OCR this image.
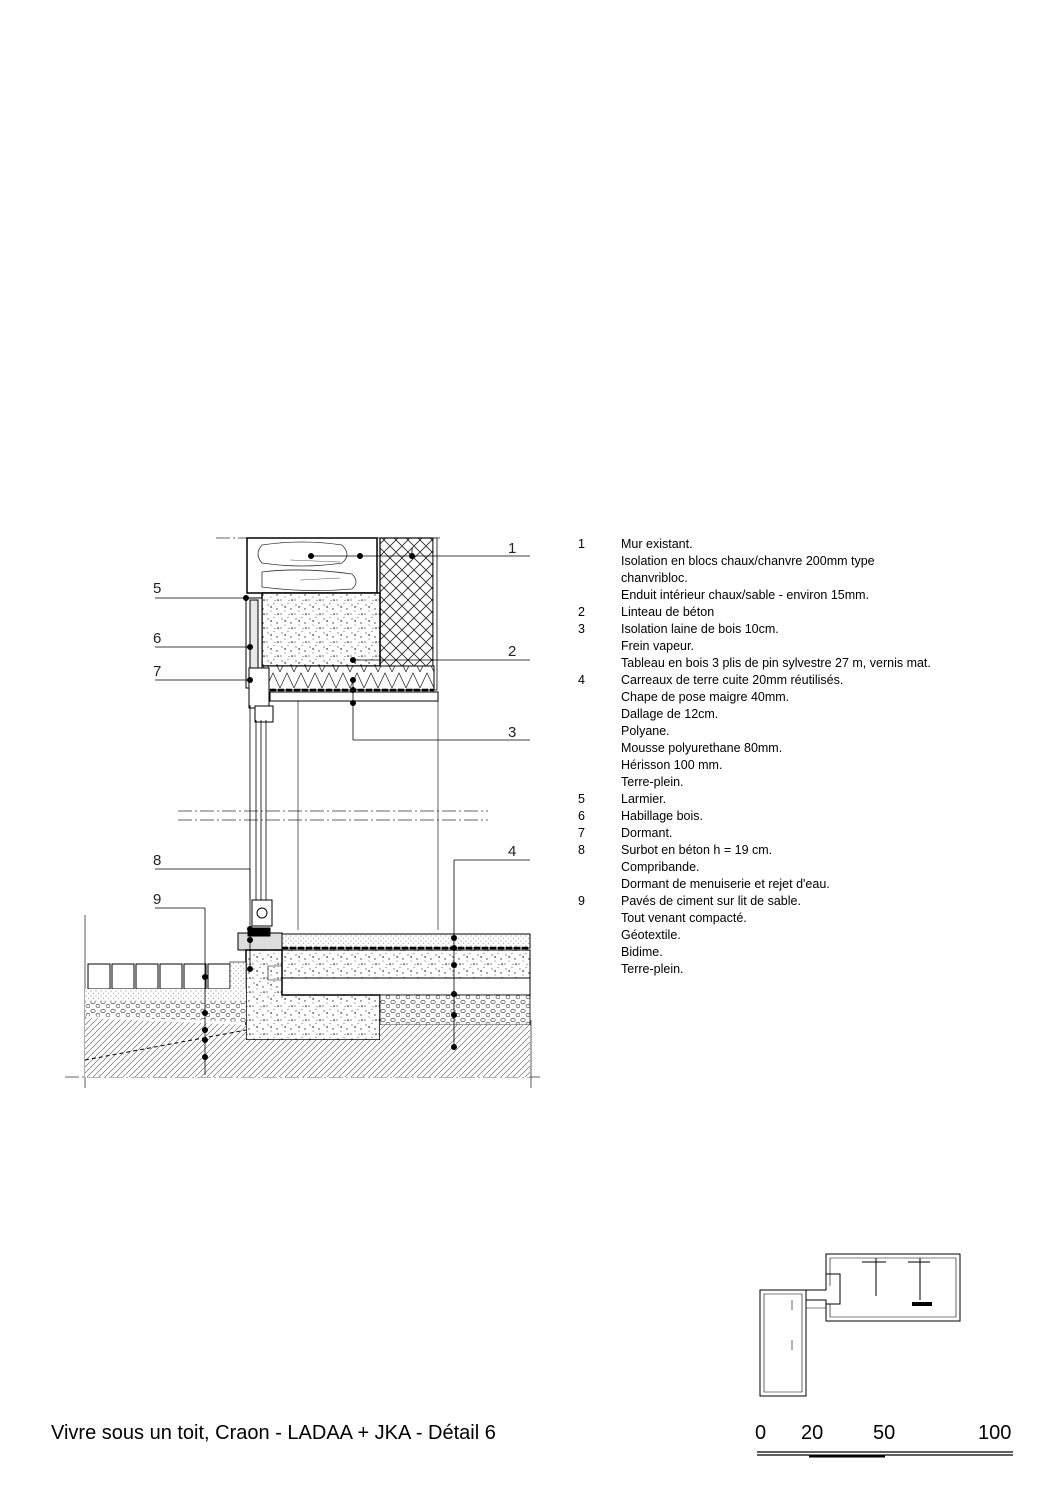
1
2
3
4
5
6
7
8
9
1	Mur existant.
Isolation en blocs chaux/chanvre 200mm type
chanvribloc.
Enduit intérieur chaux/sable - environ 15mm.
2	Linteau de béton
3	Isolation laine de bois 10cm.
Frein vapeur.
Tableau en bois 3 plis de pin sylvestre 27 m, vernis mat.
4	Carreaux de terre cuite 20mm réutilisés.
Chape de pose maigre 40mm.
Dallage de 12cm.
Polyane.
Mousse polyurethane 80mm.
Hérisson 100 mm.
Terre-plein.
5	Larmier.
6	Habillage bois.
7	Dormant.
8	Surbot en béton h = 19 cm.
Compribande.
Dormant de menuiserie et rejet d'eau.
9	Pavés de ciment sur lit de sable.
Tout venant compacté.
Géotextile.
Bidime.
Terre-plein.
Vivre sous un toit, Craon - LADAA + JKA - Détail 6	0 20 50	100
